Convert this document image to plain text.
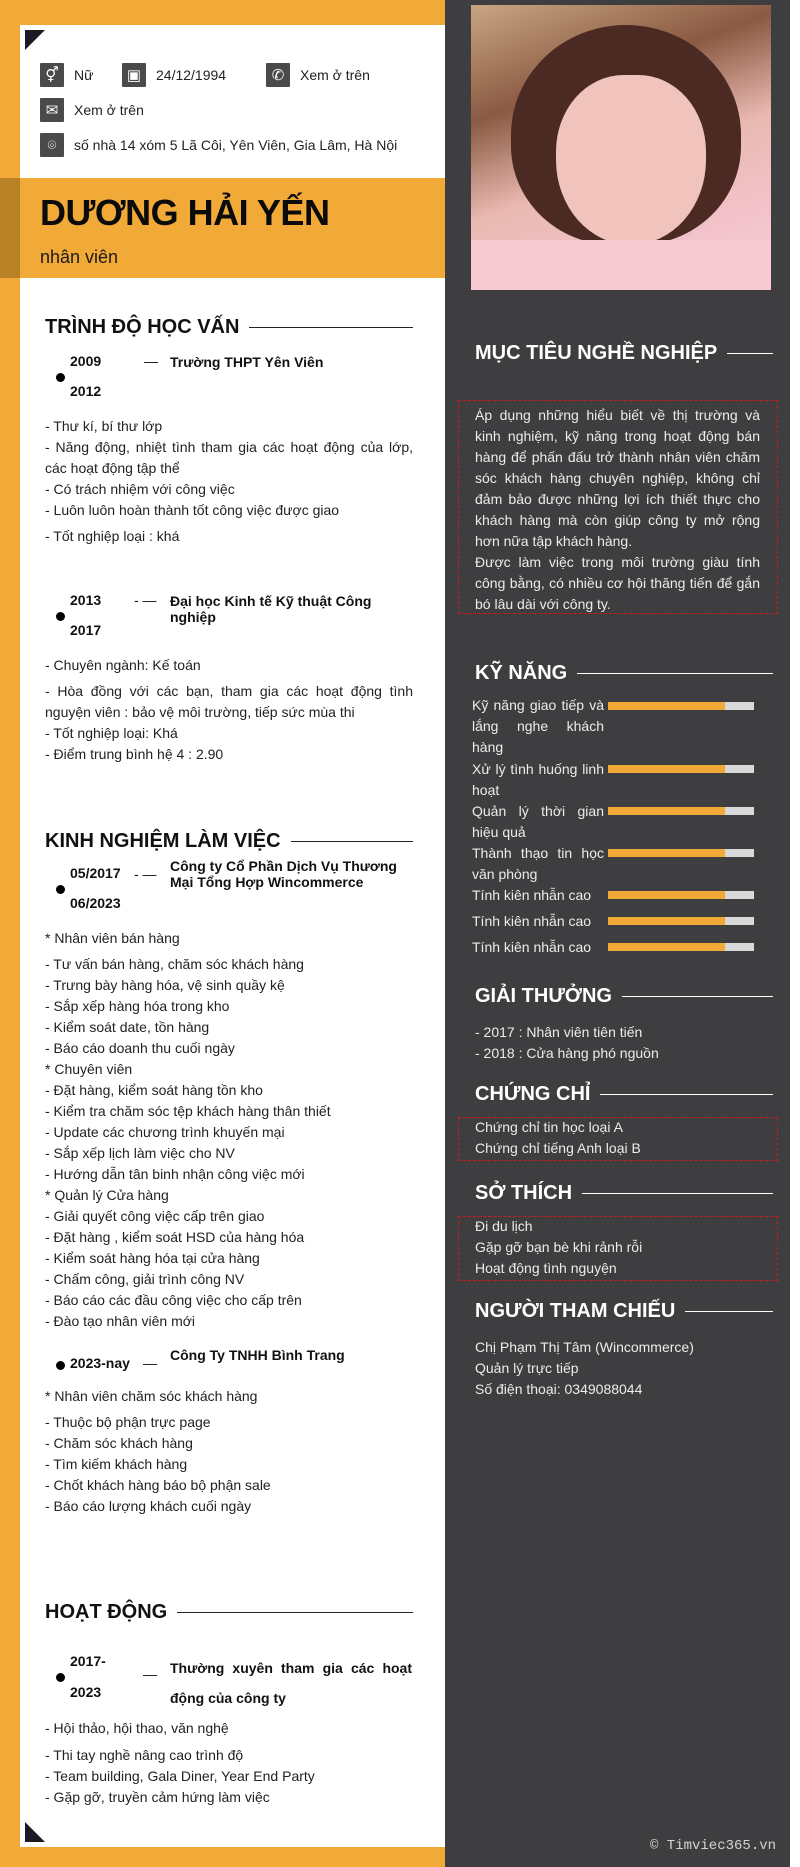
⚥	Nữ	▣	24/12/1994	✆	Xem ở trên
✉	Xem ở trên
⌾	số nhà 14 xóm 5 Lã Côi, Yên Viên, Gia Lâm, Hà Nội
DƯƠNG HẢI YẾN
nhân viên
TRÌNH ĐỘ HỌC VẤN
2009
2012
— Trường THPT Yên Viên
- Thư kí, bí thư lớp
- Năng động, nhiệt tình tham gia các hoạt động của lớp, các hoạt động tập thể
- Có trách nhiệm với công việc
- Luôn luôn hoàn thành tốt công việc được giao
- Tốt nghiệp loại : khá
2013
2017
- — Đại học Kinh tế Kỹ thuật Công nghiệp
- Chuyên ngành: Kế toán
- Hòa đồng với các bạn, tham gia các hoạt động tình nguyện viên : bảo vệ môi trường, tiếp sức mùa thi
- Tốt nghiệp loại: Khá
- Điểm trung bình hệ 4 : 2.90
KINH NGHIỆM LÀM VIỆC
05/2017
06/2023
- — Công ty Cổ Phần Dịch Vụ Thương Mại Tổng Hợp Wincommerce
* Nhân viên bán hàng
- Tư vấn bán hàng, chăm sóc khách hàng
- Trưng bày hàng hóa, vệ sinh quầy kệ
- Sắp xếp hàng hóa trong kho
- Kiểm soát date, tồn hàng
- Báo cáo doanh thu cuối ngày
* Chuyên viên
- Đặt hàng, kiểm soát hàng tồn kho
- Kiểm tra chăm sóc tệp khách hàng thân thiết
- Update các chương trình khuyến mại
- Sắp xếp lịch làm việc cho NV
- Hướng dẫn tân binh nhận công việc mới
* Quản lý Cửa hàng
- Giải quyết công việc cấp trên giao
- Đặt hàng , kiểm soát HSD của hàng hóa
- Kiểm soát hàng hóa tại cửa hàng
- Chấm công, giải trình công NV
- Báo cáo các đầu công việc cho cấp trên
- Đào tạo nhân viên mới
2023-nay — Công Ty TNHH Bình Trang
* Nhân viên chăm sóc khách hàng
- Thuộc bộ phận trực page
- Chăm sóc khách hàng
- Tìm kiếm khách hàng
- Chốt khách hàng báo bộ phận sale
- Báo cáo lượng khách cuối ngày
HOẠT ĐỘNG
2017-
2023
— Thường xuyên tham gia các hoạt động của công ty
- Hội thảo, hội thao, văn nghệ
- Thi tay nghề nâng cao trình độ
- Team building, Gala Diner, Year End Party
- Gặp gỡ, truyền cảm hứng làm việc
MỤC TIÊU NGHỀ NGHIỆP
Áp dụng những hiểu biết về thị trường và kinh nghiệm, kỹ năng trong hoạt động bán hàng để phấn đấu trở thành nhân viên chăm sóc khách hàng chuyên nghiệp, không chỉ đảm bảo được những lợi ích thiết thực cho khách hàng mà còn giúp công ty mở rộng hơn nữa tập khách hàng.
Được làm việc trong môi trường giàu tính công bằng, có nhiều cơ hội thăng tiến để gắn bó lâu dài với công ty.
KỸ NĂNG
Kỹ năng giao tiếp và lắng nghe khách hàng
Xử lý tình huống linh hoạt
Quản lý thời gian hiệu quả
Thành thạo tin học văn phòng
Tính kiên nhẫn cao
Tính kiên nhẫn cao
Tính kiên nhẫn cao
GIẢI THƯỞNG
- 2017 : Nhân viên tiên tiến
- 2018 : Cửa hàng phó nguồn
CHỨNG CHỈ
Chứng chỉ tin học loại A
Chứng chỉ tiếng Anh loại B
SỞ THÍCH
Đi du lịch
Gặp gỡ bạn bè khi rảnh rỗi
Hoạt động tình nguyện
NGƯỜI THAM CHIẾU
Chị Phạm Thị Tâm (Wincommerce)
Quản lý trực tiếp
Số điện thoại: 0349088044
© Timviec365.vn
